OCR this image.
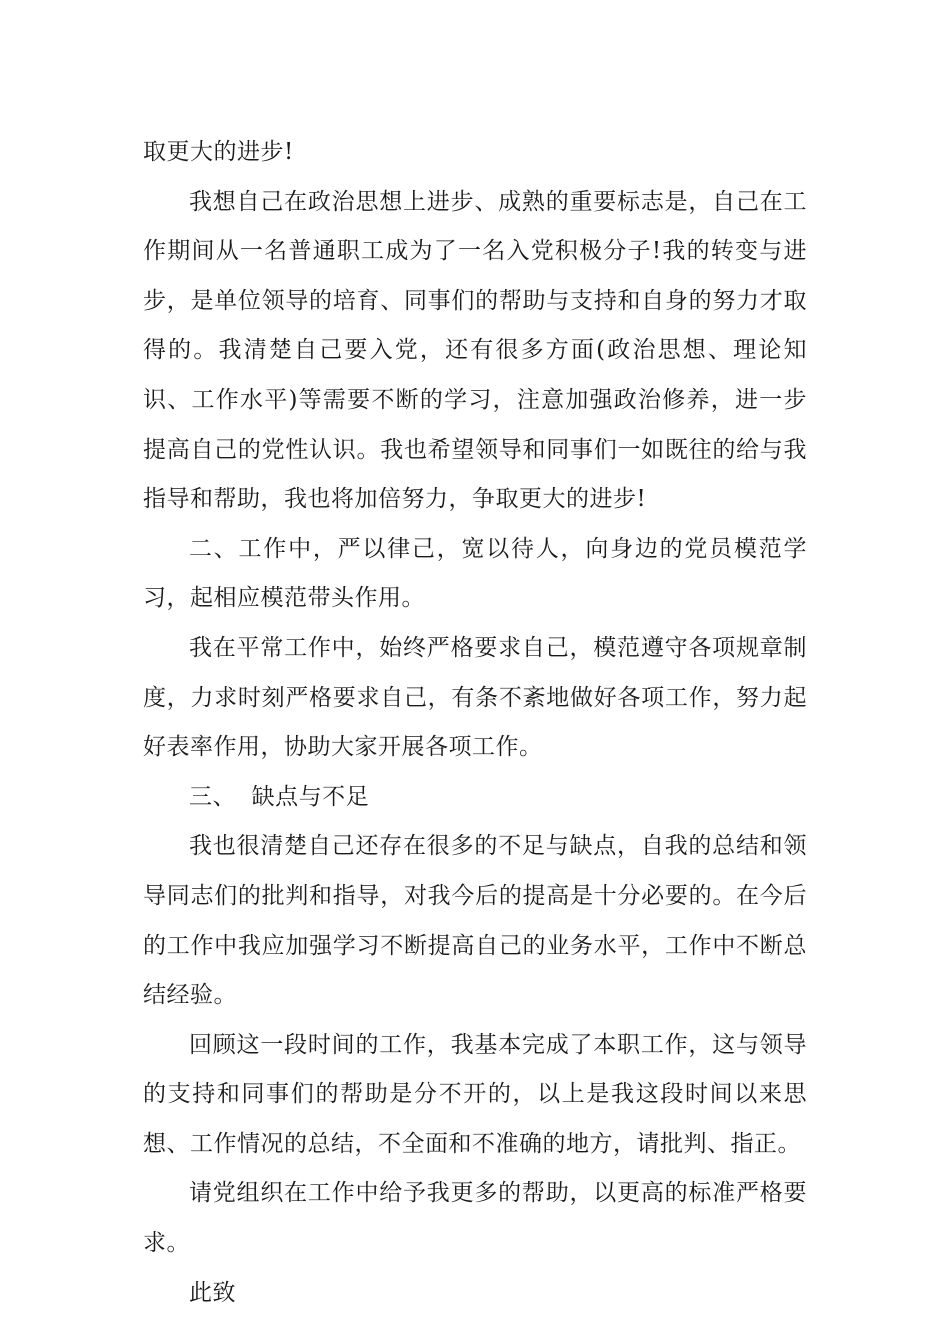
取更大的进步!

我想自己在政治思想上进步、成熟的重要标志是，自己在工作期间从一名普通职工成为了一名入党积极分子!我的转变与进步，是单位领导的培育、同事们的帮助与支持和自身的努力才取得的。我清楚自己要入党，还有很多方面(政治思想、理论知识、工作水平)等需要不断的学习，注意加强政治修养，进一步提高自己的党性认识。我也希望领导和同事们一如既往的给与我指导和帮助，我也将加倍努力，争取更大的进步!

二、工作中，严以律己，宽以待人，向身边的党员模范学习，起相应模范带头作用。

我在平常工作中，始终严格要求自己，模范遵守各项规章制度，力求时刻严格要求自己，有条不紊地做好各项工作，努力起好表率作用，协助大家开展各项工作。

三、  缺点与不足

我也很清楚自己还存在很多的不足与缺点，自我的总结和领导同志们的批判和指导，对我今后的提高是十分必要的。在今后的工作中我应加强学习不断提高自己的业务水平，工作中不断总结经验。

回顾这一段时间的工作，我基本完成了本职工作，这与领导的支持和同事们的帮助是分不开的，以上是我这段时间以来思想、工作情况的总结，不全面和不准确的地方，请批判、指正。

请党组织在工作中给予我更多的帮助，以更高的标准严格要求。

此致
